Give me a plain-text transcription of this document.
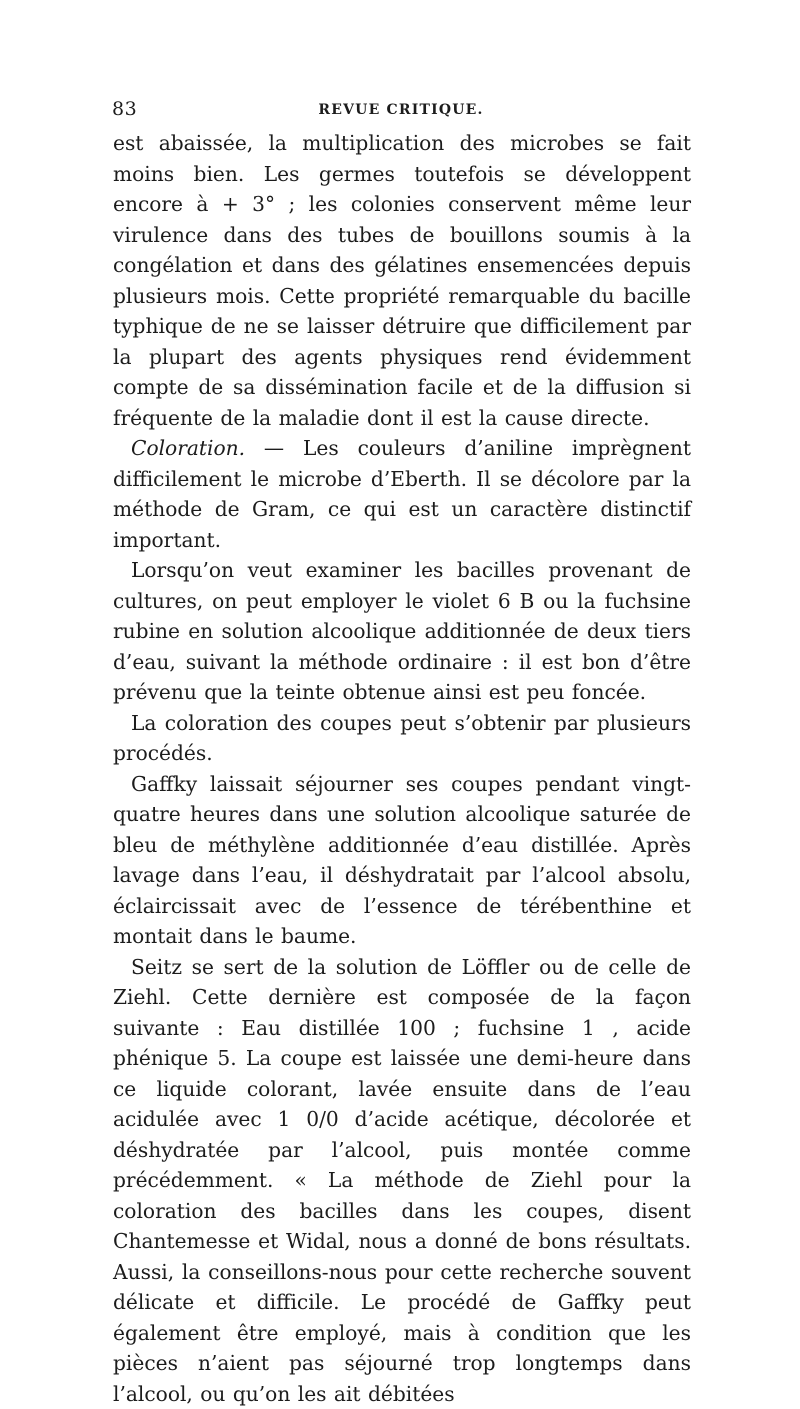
83	REVUE CRITIQUE.

est abaissée, la multiplication des microbes se fait moins bien. Les germes toutefois se développent encore à + 3° ; les colonies conservent même leur virulence dans des tubes de bouillons soumis à la congélation et dans des gélatines ensemencées depuis plusieurs mois. Cette propriété remarquable du bacille typhique de ne se laisser détruire que difficilement par la plupart des agents physiques rend évidemment compte de sa dissémination facile et de la diffusion si fréquente de la maladie dont il est la cause directe.

Coloration. — Les couleurs d’aniline imprègnent difficilement le microbe d’Eberth. Il se décolore par la méthode de Gram, ce qui est un caractère distinctif important.

Lorsqu’on veut examiner les bacilles provenant de cultures, on peut employer le violet 6 B ou la fuchsine rubine en solution alcoolique additionnée de deux tiers d’eau, suivant la méthode ordinaire : il est bon d’être prévenu que la teinte obtenue ainsi est peu foncée.

La coloration des coupes peut s’obtenir par plusieurs procédés.

Gaffky laissait séjourner ses coupes pendant vingt-quatre heures dans une solution alcoolique saturée de bleu de méthylène additionnée d’eau distillée. Après lavage dans l’eau, il déshydratait par l’alcool absolu, éclaircissait avec de l’essence de térébenthine et montait dans le baume.

Seitz se sert de la solution de Löffler ou de celle de Ziehl. Cette dernière est composée de la façon suivante : Eau distillée 100 ; fuchsine 1 , acide phénique 5. La coupe est laissée une demi-heure dans ce liquide colorant, lavée ensuite dans de l’eau acidulée avec 1 0/0 d’acide acétique, décolorée et déshydratée par l’alcool, puis montée comme précédemment. « La méthode de Ziehl pour la coloration des bacilles dans les coupes, disent Chantemesse et Widal, nous a donné de bons résultats. Aussi, la conseillons-nous pour cette recherche souvent délicate et difficile. Le procédé de Gaffky peut également être employé, mais à condition que les pièces n’aient pas séjourné trop longtemps dans l’alcool, ou qu’on les ait débitées
